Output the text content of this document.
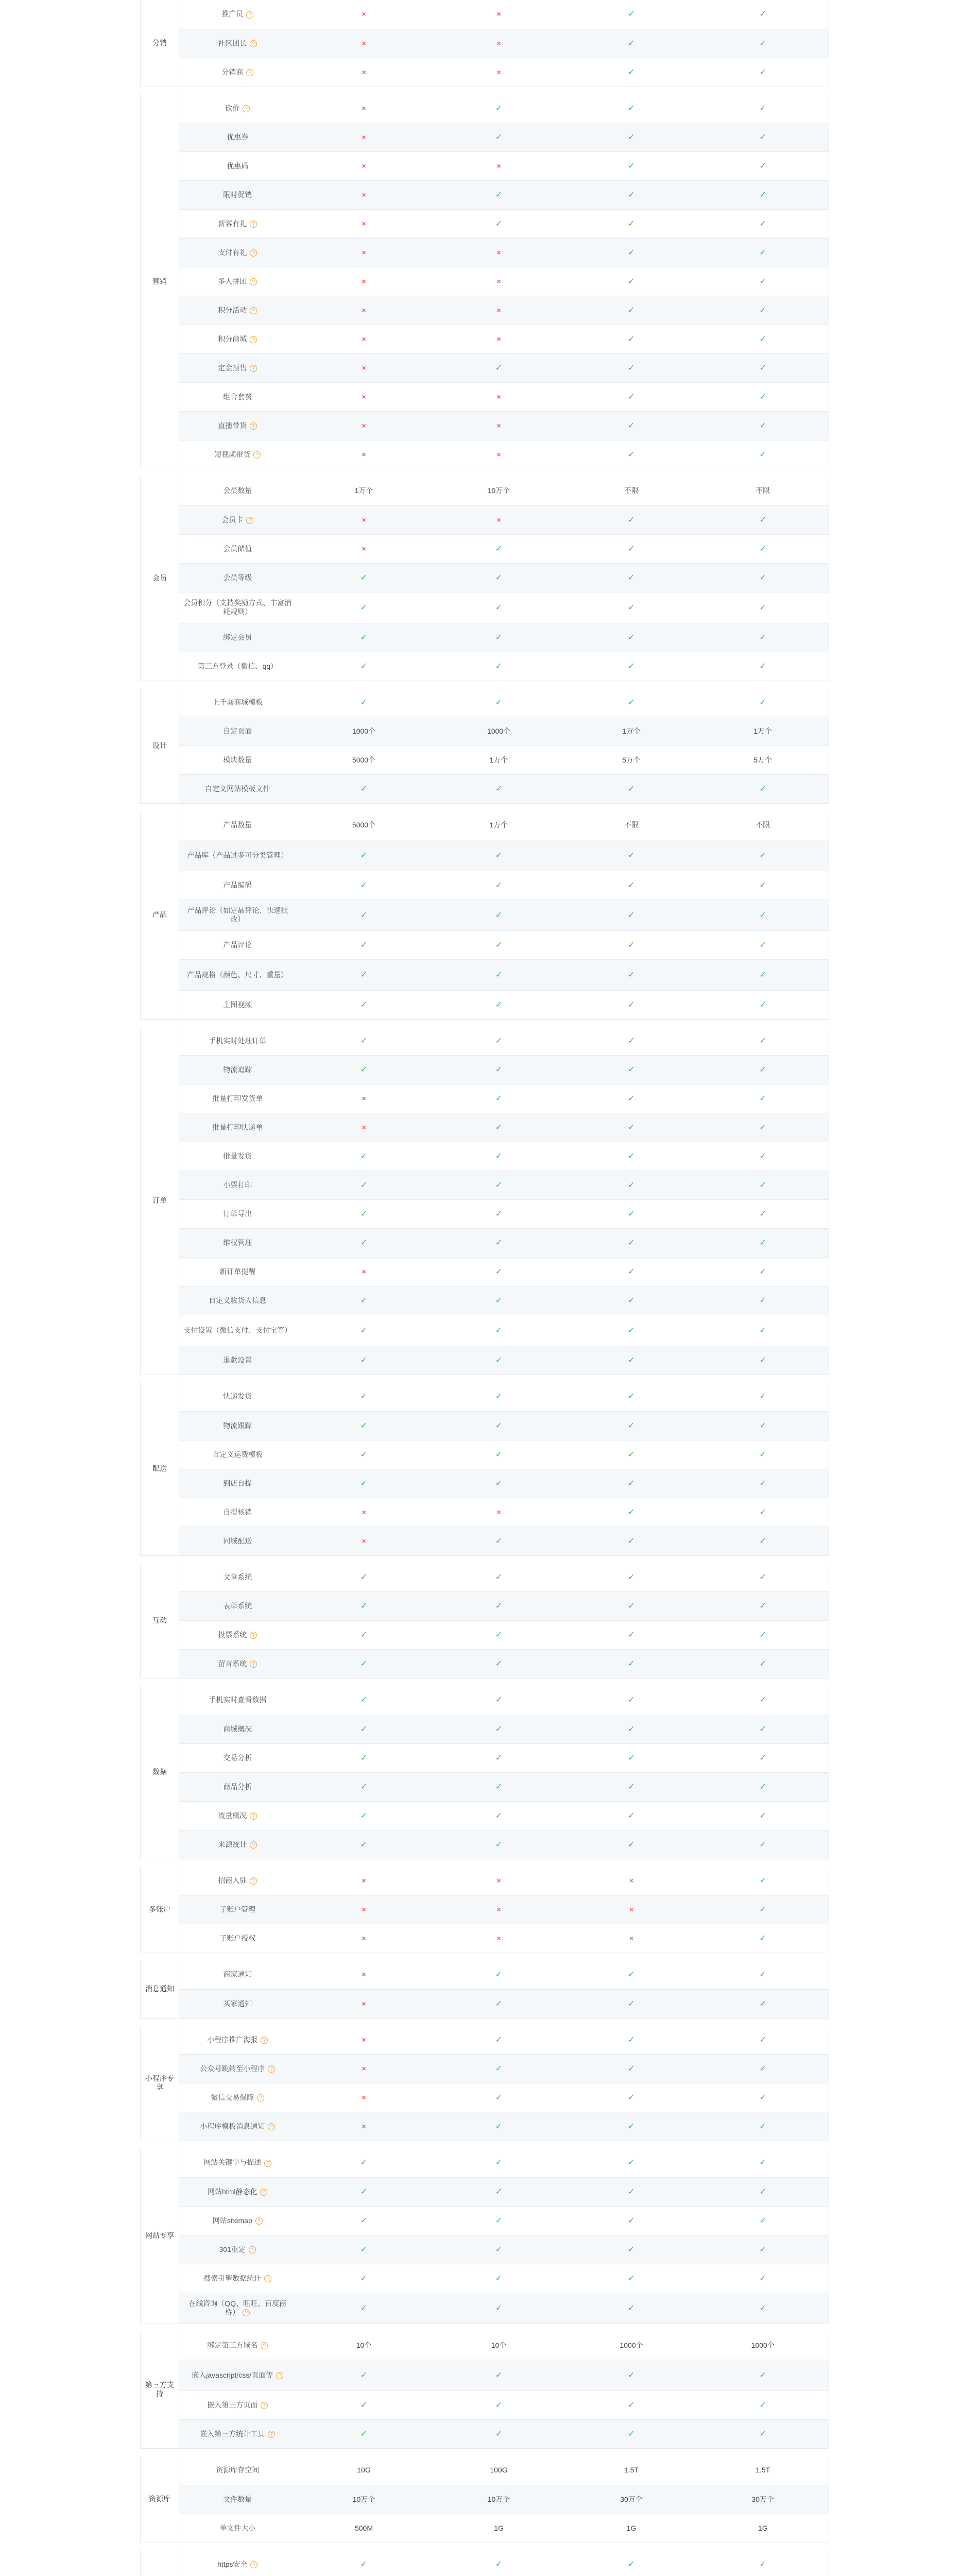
分销	推广员 ?	×	×	✓	✓
	社区团长 ?	×	×	✓	✓
	分销商 ?	×	×	✓	✓

营销	砍价 ?	×	✓	✓	✓
	优惠券	×	✓	✓	✓
	优惠码	×	×	✓	✓
	限时促销	×	✓	✓	✓
	新客有礼 ?	×	✓	✓	✓
	支付有礼 ?	×	×	✓	✓
	多人拼团 ?	×	×	✓	✓
	积分活动 ?	×	×	✓	✓
	积分商城 ?	×	×	✓	✓
	定金预售 ?	×	✓	✓	✓
	组合套餐	×	×	✓	✓
	直播带货 ?	×	×	✓	✓
	短视频带货 ?	×	×	✓	✓

会员	会员数量	1万个	10万个	不限	不限
	会员卡 ?	×	×	✓	✓
	会员储值	×	✓	✓	✓
	会员等级	✓	✓	✓	✓
	会员积分（支持奖励方式、丰富消耗规则）	✓	✓	✓	✓
	绑定会员	✓	✓	✓	✓
	第三方登录（微信、qq）	✓	✓	✓	✓

设计	上千套商城模板	✓	✓	✓	✓
	自定页面	1000个	1000个	1万个	1万个
	模块数量	5000个	1万个	5万个	5万个
	自定义网站模板文件	✓	✓	✓	✓

产品	产品数量	5000个	1万个	不限	不限
	产品库（产品过多可分类管理）	✓	✓	✓	✓
	产品编码	✓	✓	✓	✓
	产品评论（如定晶评论、快速批改）	✓	✓	✓	✓
	产品评论	✓	✓	✓	✓
	产品规格（颜色、尺寸、重量）	✓	✓	✓	✓
	主图视频	✓	✓	✓	✓

订单	手机实时处理订单	✓	✓	✓	✓
	物流追踪	✓	✓	✓	✓
	批量打印发货单	×	✓	✓	✓
	批量打印快递单	×	✓	✓	✓
	批量发货	✓	✓	✓	✓
	小票打印	✓	✓	✓	✓
	订单导出	✓	✓	✓	✓
	维权管理	✓	✓	✓	✓
	新订单提醒	×	✓	✓	✓
	自定义收货人信息	✓	✓	✓	✓
	支付设置（微信支付、支付宝等）	✓	✓	✓	✓
	退款设置	✓	✓	✓	✓

配送	快递发货	✓	✓	✓	✓
	物流跟踪	✓	✓	✓	✓
	自定义运费模板	✓	✓	✓	✓
	到店自提	✓	✓	✓	✓
	自提核销	×	×	✓	✓
	同城配送	×	✓	✓	✓

互动	文章系统	✓	✓	✓	✓
	表单系统	✓	✓	✓	✓
	投票系统 ?	✓	✓	✓	✓
	留言系统 ?	✓	✓	✓	✓

数据	手机实时查看数据	✓	✓	✓	✓
	商城概况	✓	✓	✓	✓
	交易分析	✓	✓	✓	✓
	商品分析	✓	✓	✓	✓
	流量概况 ?	✓	✓	✓	✓
	来源统计 ?	✓	✓	✓	✓

多账户	招商入驻 ?	×	×	×	✓
	子账户管理	×	×	×	✓
	子账户授权	×	×	×	✓

消息通知	商家通知	×	✓	✓	✓
	买家通知	×	✓	✓	✓

小程序专享	小程序推广海报 ?	×	✓	✓	✓
	公众号跳转至小程序 ?	×	✓	✓	✓
	微信交易保障 ?	×	✓	✓	✓
	小程序模板消息通知 ?	×	✓	✓	✓

网站专享	网站关键字与描述 ?	✓	✓	✓	✓
	网站html静态化 ?	✓	✓	✓	✓
	网站sitemap ?	✓	✓	✓	✓
	301重定 ?	✓	✓	✓	✓
	搜索引擎数据统计 ?	✓	✓	✓	✓
	在线咨询（QQ、旺旺、百度商桥） ?	✓	✓	✓	✓

第三方支持	绑定第三方域名 ?	10个	10个	1000个	1000个
	嵌入javascript/css/页面等 ?	✓	✓	✓	✓
	嵌入第三方页面 ?	✓	✓	✓	✓
	嵌入第三方统计工具 ?	✓	✓	✓	✓

资源库	资源库存空间	10G	100G	1.5T	1.5T
	文件数量	10万个	10万个	30万个	30万个
	单文件大小	500M	1G	1G	1G

	https安全 ?	✓	✓	✓	✓
